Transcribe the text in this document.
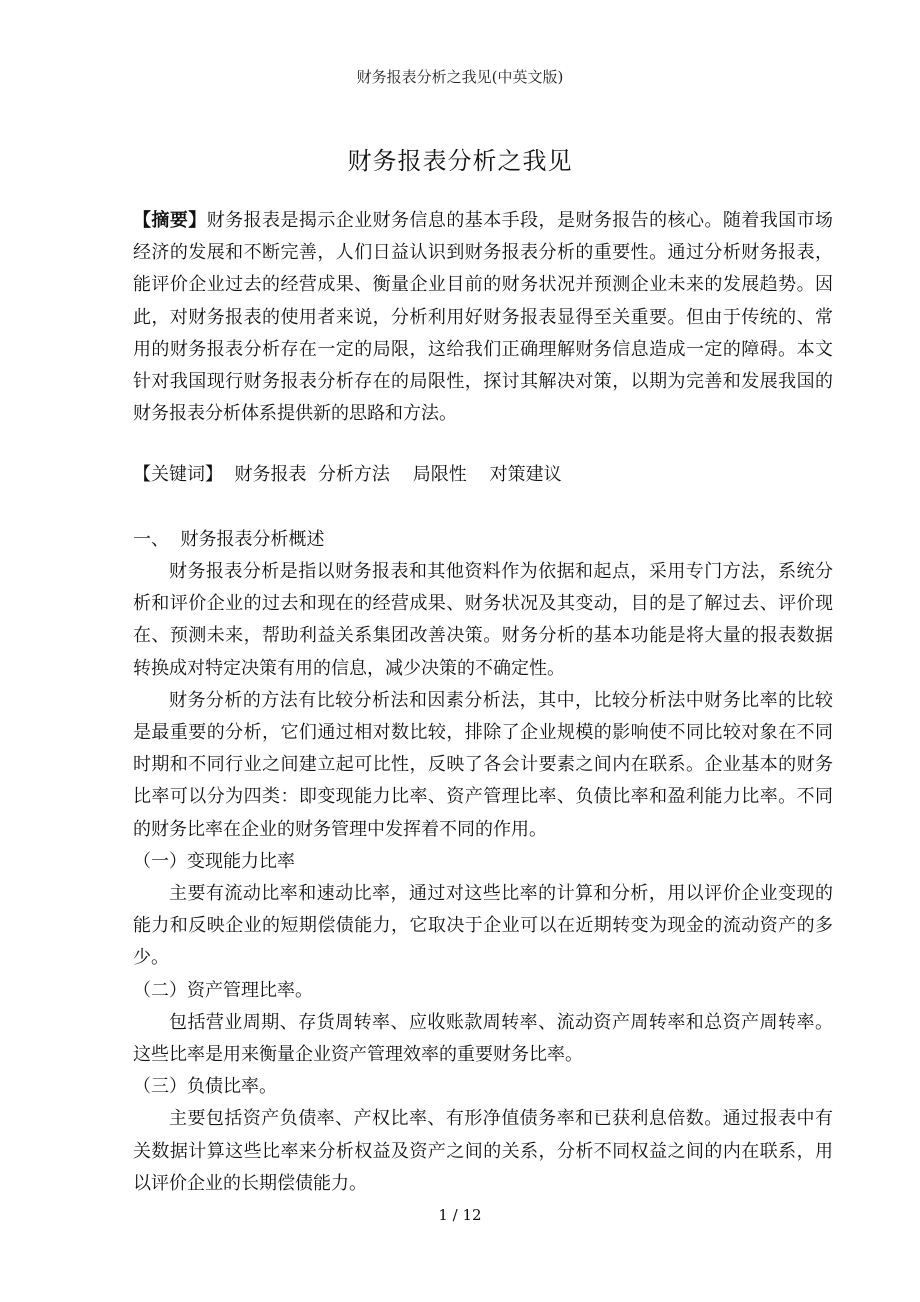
财务报表分析之我见(中英文版)
财务报表分析之我见
【摘要】财务报表是揭示企业财务信息的基本手段，是财务报告的核心。随着我国市场经济的发展和不断完善，人们日益认识到财务报表分析的重要性。通过分析财务报表，能评价企业过去的经营成果、衡量企业目前的财务状况并预测企业未来的发展趋势。因此，对财务报表的使用者来说，分析利用好财务报表显得至关重要。但由于传统的、常用的财务报表分析存在一定的局限，这给我们正确理解财务信息造成一定的障碍。本文针对我国现行财务报表分析存在的局限性，探讨其解决对策，以期为完善和发展我国的财务报表分析体系提供新的思路和方法。
【关键词】  财务报表  分析方法    局限性    对策建议
一、  财务报表分析概述

财务报表分析是指以财务报表和其他资料作为依据和起点，采用专门方法，系统分析和评价企业的过去和现在的经营成果、财务状况及其变动，目的是了解过去、评价现在、预测未来，帮助利益关系集团改善决策。财务分析的基本功能是将大量的报表数据转换成对特定决策有用的信息，减少决策的不确定性。

财务分析的方法有比较分析法和因素分析法，其中，比较分析法中财务比率的比较是最重要的分析，它们通过相对数比较，排除了企业规模的影响使不同比较对象在不同时期和不同行业之间建立起可比性，反映了各会计要素之间内在联系。企业基本的财务比率可以分为四类：即变现能力比率、资产管理比率、负债比率和盈利能力比率。不同的财务比率在企业的财务管理中发挥着不同的作用。

（一）变现能力比率

主要有流动比率和速动比率，通过对这些比率的计算和分析，用以评价企业变现的能力和反映企业的短期偿债能力，它取决于企业可以在近期转变为现金的流动资产的多少。

（二）资产管理比率。

包括营业周期、存货周转率、应收账款周转率、流动资产周转率和总资产周转率。这些比率是用来衡量企业资产管理效率的重要财务比率。

（三）负债比率。

主要包括资产负债率、产权比率、有形净值债务率和已获利息倍数。通过报表中有关数据计算这些比率来分析权益及资产之间的关系，分析不同权益之间的内在联系，用以评价企业的长期偿债能力。

1 / 12
